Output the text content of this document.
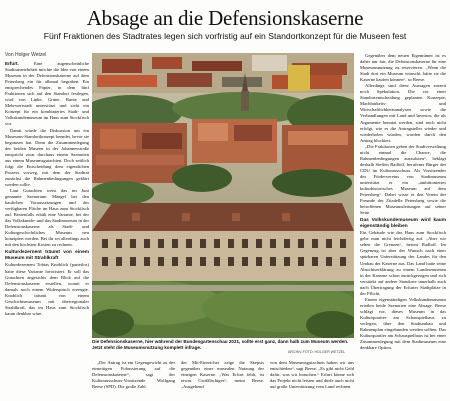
Absage an die Defensionskaserne
Fünf Fraktionen des Stadtrates legen sich vorfristig auf ein Standortkonzept für die Museen fest
Von Holger Wetzel

Erfurt.	Eine augenscheinliche Stadtratsmehrheit möchte die Idee von einem Museum in der Defensionskaserne auf dem Petersberg ein für allemal begraben. Ein entsprechendes Papier, in dem fünf Fraktionen sich auf den Standort festlegen, wird von Linke, Grüne, Bunte und Mehrwertstadt unterstützt und sieht ein Konzept für ein kombiniertes Stadt- und Volkskundemuseum im Haus zum Stockfisch vor.

Damit würde die Diskussion um ein Museums-Standortkonzept beendet, bevor sie begonnen hat. Denn die Zusammenlegung der beiden Museen in der Johannesstraße entspricht zwar durchaus einem Szenarien aus einem Museumsgutachten. Doch zeitlich folgt die Entscheidung dem eigentlichen Prozess vorweg, mit dem der Stadtrat zunächst die Rahmenbedingungen geklärt werden sollte.

Laut Gutachten weist das im Juni genannte Szenarium Mängel bei den baulichen Voraussetzungen und der verfügbaren Fläche im Haus zum Stockfisch auf. Bestenfalls erhält eine Variante, bei der das Volkskunde- und das Stadtmuseum in der Defensionskaserne als Stadt- und Kulturgeschichtliches Museum neu konzipiert werden. Bei ihr sei allerdings auch mit den höchsten Kosten zu rechnen.

Kulturdezernent träumt von einem Museum mit Strahlkraft

Kulturdezernent Tobias Knoblich (parteilos) hatte diese Variante favorisiert. Er soll das Gutachten angesichts dem Blick auf die Defensionskaserne erstellen, womit er damals noch einem Widerspruch erzeugte. Knoblich träumt von einem Geschichtsmuseum mit überregionaler Strahlkraft, das im Haus zum Stockfisch kaum denkbar wäre.

Die Defensionskaserne, hier während der Bundesgartenschau 2021, sollte erst ganz, dann halb zum Museum werden. Jetzt steht die Museumsnutzung komplett infrage.
ARCHIV-FOTO: HOLGER WETZEL

„Der Antrag ist ein Gegengewicht zu der einseitigen Fokussierung auf die Defensionskaserne“, sagt der Kulturausschuss-Vorsitzende Wolfgang Beese (SPD). Die große Zahl

der Mit-Einreicher zeige die Skepsis gegenüber einer musealen Nutzung der einzigen Kaserne. „Was Erfurt fehlt, ist etwas Großflächiges“, meint Beese. „Ausgehend

von dem Museumsgutachten haben wir uns entschieden“, sagt Beese. „Es gibt nicht Geld dafür, was wir brauchen.“ Erfurt könne sich das Projekt nicht leisten und dürfe auch nicht auf große Unterstützung vom Land rechnen.

Gegenüber dem neuen Eigentümer ist es daher nur fair, die Defensionskaserne für eine Museumsnutzung zu reservieren. „Wenn die Stadt dort ein Museum wünscht, hätte sie die Kaserne kaufen können“, so Beese.

Allerdings sind diese Aussagen zurzeit noch Spekulation. Die vor einer Standortentscheidung geplanten Konzepte, Machbarkeits- und Wirtschaftlichkeitsanalysen sowie die Verhandlungen mit Land und Investor, die als Argumente benutzt werden, sind noch nicht erfolgt, wie es die Antragsteller wieder und wiederholen würden, worden durch den Antrag blockiert.

„Die Fraktionen geben der Stadtverwaltung nicht einmal die Chance, die Rahmenbedingungen auszuloten“, beklagt deshalb Steffen Radloff, berufener Bürger der CDU im Kulturausschuss. Als Vorsitzender des Fördervereins von Stadtmuseum unterstützt er ein „ambitioniertes kulturhistorisches Museum auf dem Petersberg“. Dabei wisse er den Verein der Freunde der Zitadelle Petersberg sowie die betroffenen Museumsleitungen auf seiner Seite.

Das Volkskundemuseum wird kaum eigenständig bleiben

Ein Gebäude wie das Haus zum Stockfisch gebe man nicht leichtfertig auf. „Aber wir sehen die Grenzen“, betont Radloff. Im Gegenzug ist aber der Wunsch nach einer spürbaren Unterstützung des Landes für den Umbau der Kaserne aus. Das Land hatte seine Absichtserklärung zu einem Landesmuseum in der Kaserne schon zurückgezogen und sich verstärkt auf andere Standorte innerhalb auch nach Übertragung der Erfurter Stadtplätze in der Pflicht.

Einem eigenständigen Volkskundemuseum erteilen beide Szenarien eine Absage. Beese schlägt vor, dieses Museum in das Kulturquartier am Schauspielhaus zu verlegen, über den Stadtumbau und Rahmenplan eingebunden werden sollten. Das Kulturquartier am Schauspielhaus ist bei einer Zusammenlegung mit dem Stadtmuseum eine denkbare Option.
